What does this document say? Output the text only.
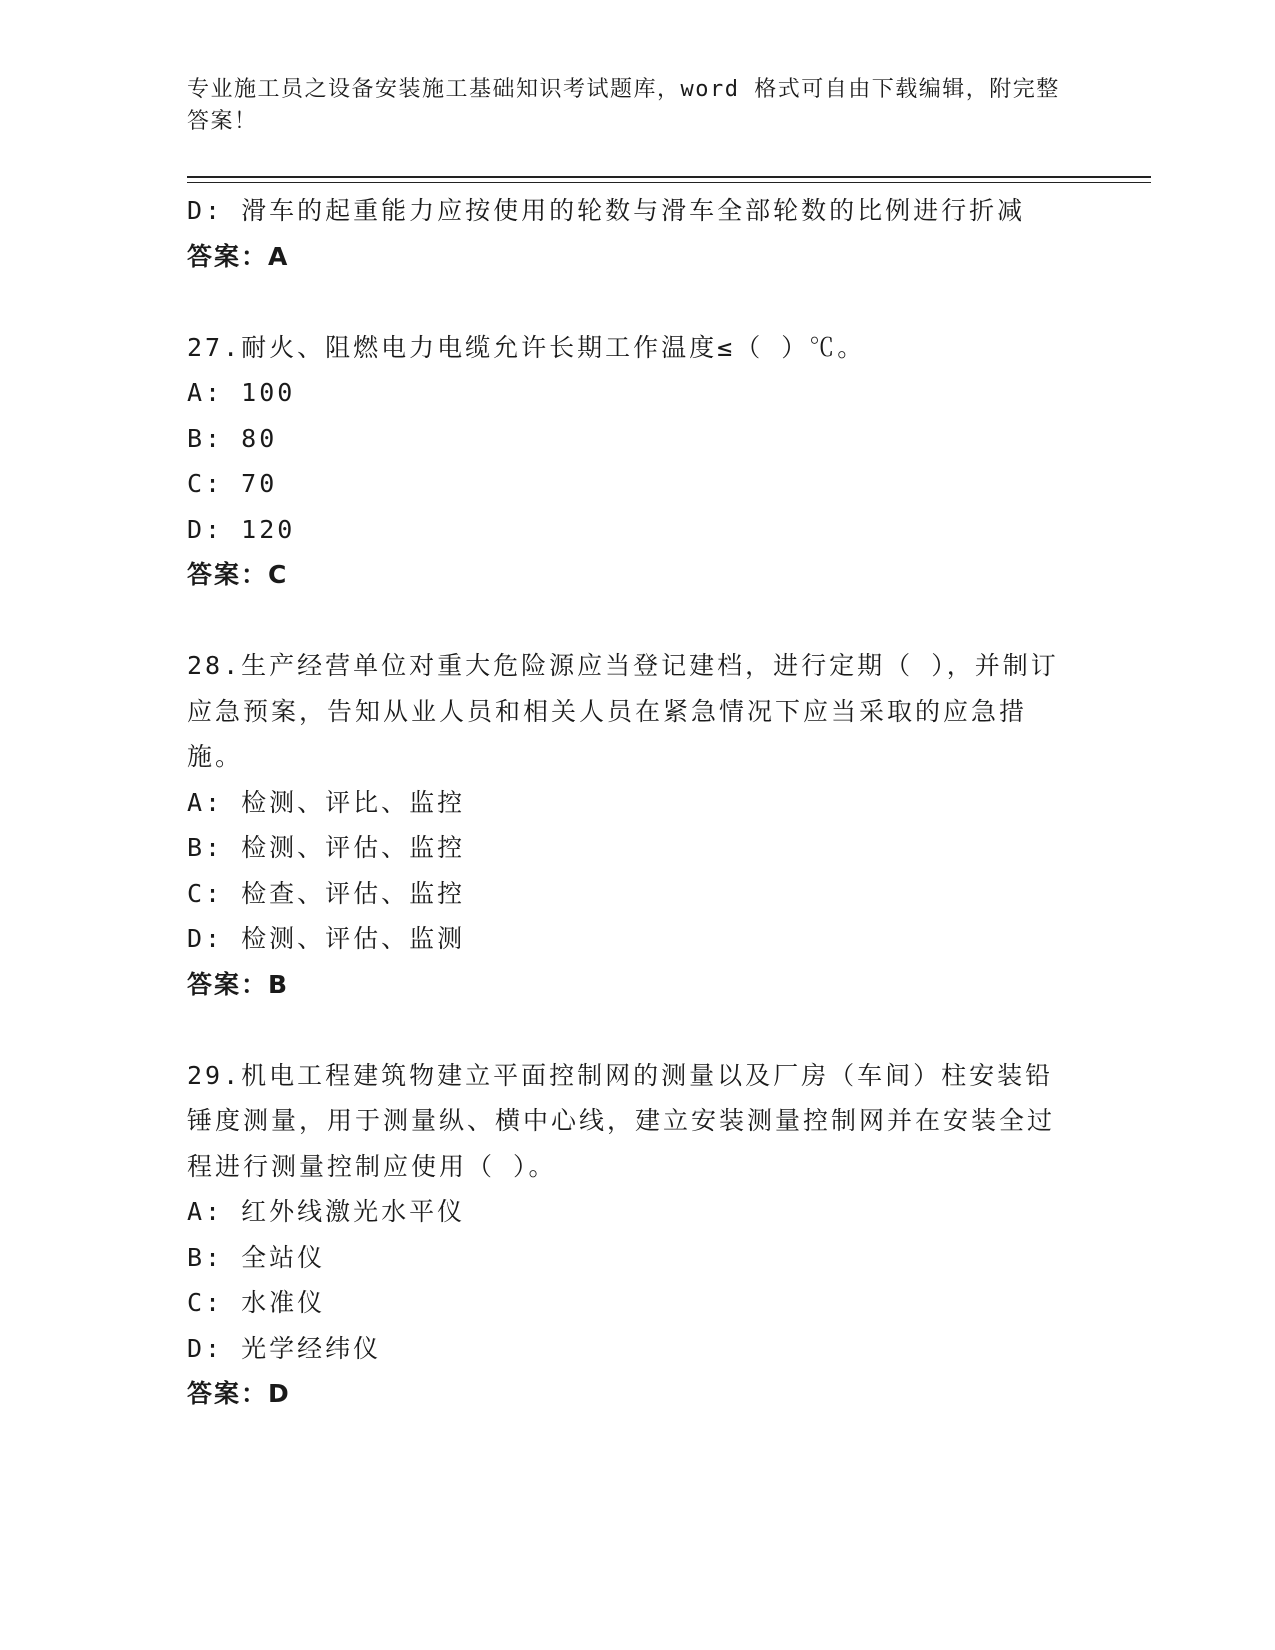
专业施工员之设备安装施工基础知识考试题库，word 格式可自由下载编辑，附完整答案！
D: 滑车的起重能力应按使用的轮数与滑车全部轮数的比例进行折减
答案：A
27.耐火、阻燃电力电缆允许长期工作温度≤（ ）℃。
A: 100
B: 80
C: 70
D: 120
答案：C
28.生产经营单位对重大危险源应当登记建档，进行定期（ ），并制订应急预案，告知从业人员和相关人员在紧急情况下应当采取的应急措施。
A: 检测、评比、监控
B: 检测、评估、监控
C: 检查、评估、监控
D: 检测、评估、监测
答案：B
29.机电工程建筑物建立平面控制网的测量以及厂房（车间）柱安装铅锤度测量，用于测量纵、横中心线，建立安装测量控制网并在安装全过程进行测量控制应使用（ ）。
A: 红外线激光水平仪
B: 全站仪
C: 水准仪
D: 光学经纬仪
答案：D
